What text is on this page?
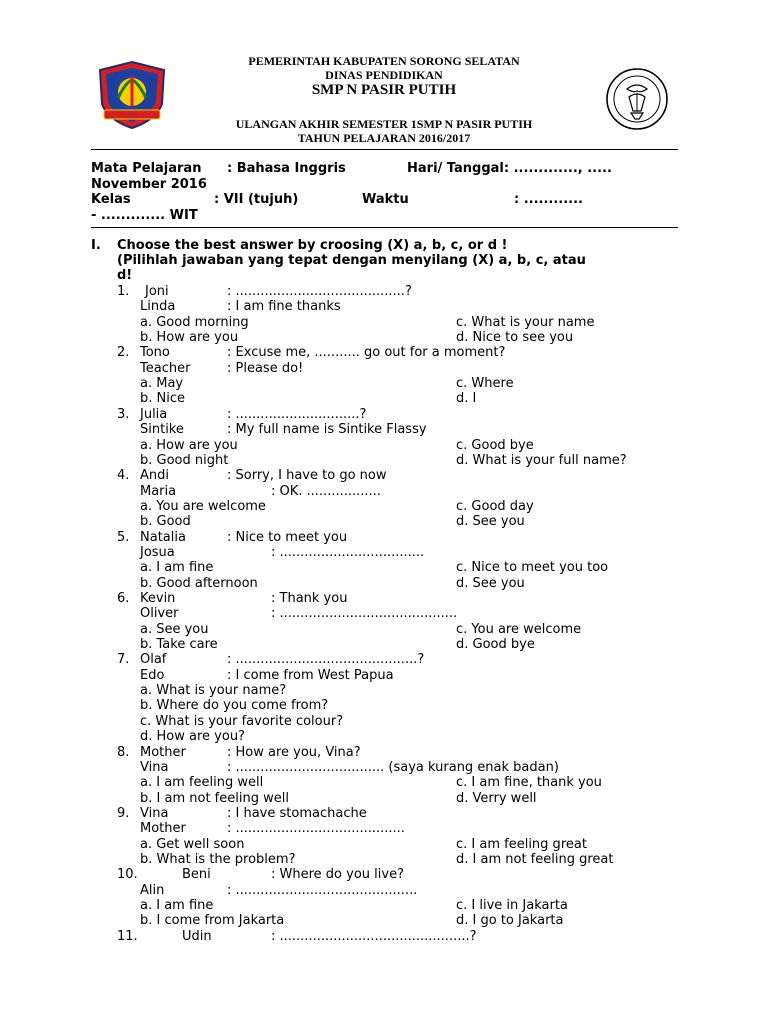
PEMERINTAH KABUPATEN SORONG SELATAN
DINAS PENDIDIKAN
SMP N PASIR PUTIH
ULANGAN AKHIR SEMESTER 1SMP N PASIR PUTIH
TAHUN PELAJARAN 2016/2017
Mata Pelajaran : Bahasa Inggris	Hari/ Tanggal: ............., .....
November 2016
Kelas	: VII (tujuh)	Waktu	: ............
- ............. WIT
I. Choose the best answer by croosing (X) a, b, c, or d !
(Pilihlah jawaban yang tepat dengan menyilang (X) a, b, c, atau
d!
1. Joni	: .........................................?
Linda	: I am fine thanks
a. Good morning	c. What is your name
b. How are you	d. Nice to see you
2. Tono	: Excuse me, ........... go out for a moment?
Teacher	: Please do!
a. May	c. Where
b. Nice	d. I
3. Julia	: ..............................?
Sintike	: My full name is Sintike Flassy
a. How are you	c. Good bye
b. Good night	d. What is your full name?
4. Andi	: Sorry, I have to go now
Maria	: OK. ..................
a. You are welcome	c. Good day
b. Good	d. See you
5. Natalia	: Nice to meet you
Josua	: ...................................
a. I am fine	c. Nice to meet you too
b. Good afternoon	d. See you
6. Kevin	: Thank you
Oliver	: ...........................................
a. See you	c. You are welcome
b. Take care	d. Good bye
7. Olaf	: ............................................?
Edo	: I come from West Papua
a. What is your name?
b. Where do you come from?
c. What is your favorite colour?
d. How are you?
8. Mother	: How are you, Vina?
Vina	: .................................... (saya kurang enak badan)
a. I am feeling well	c. I am fine, thank you
b. I am not feeling well	d. Verry well
9. Vina	: I have stomachache
Mother	: .........................................
a. Get well soon	c. I am feeling great
b. What is the problem?	d. I am not feeling great
10.	Beni	: Where do you live?
Alin	: ............................................
a. I am fine	c. I live in Jakarta
b. I come from Jakarta	d. I go to Jakarta
11.	Udin	: ..............................................?
